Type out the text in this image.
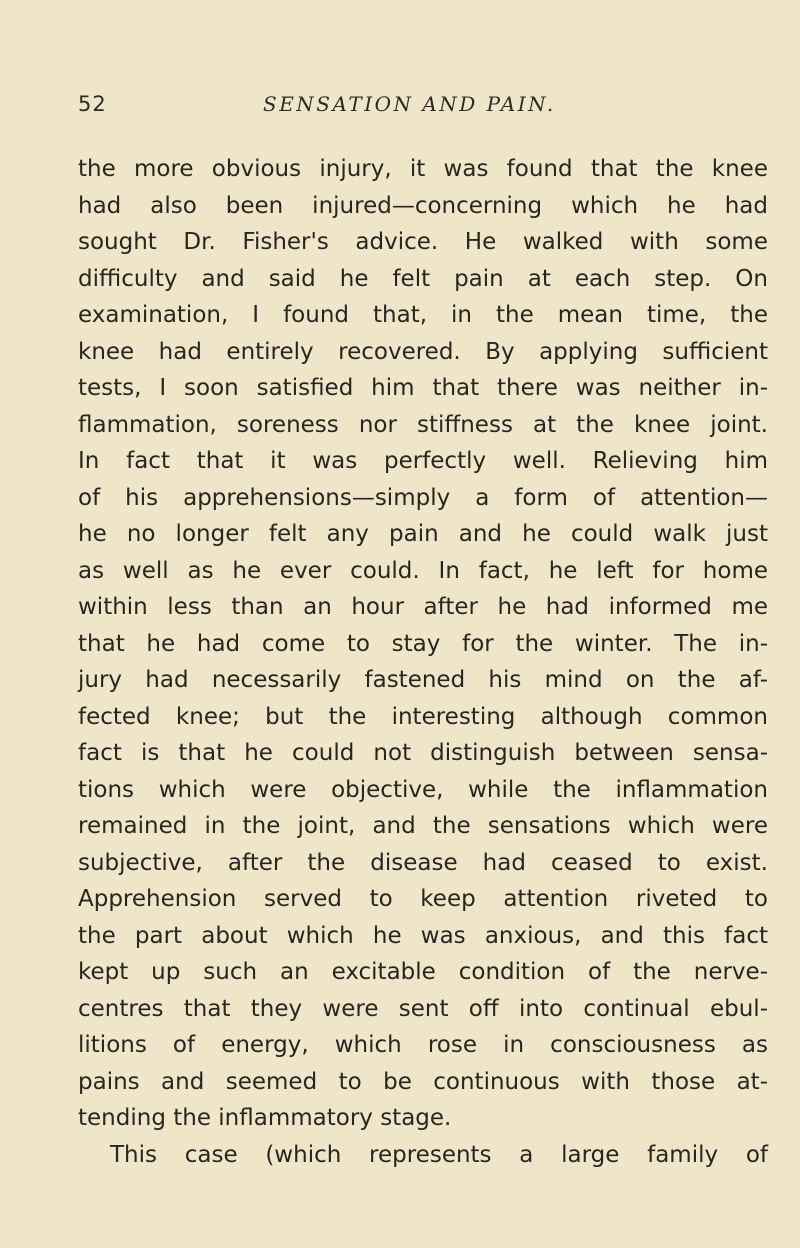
52	SENSATION AND PAIN.
the more obvious injury, it was found that the knee
had also been injured—concerning which he had
sought Dr. Fisher's advice. He walked with some
difficulty and said he felt pain at each step. On
examination, I found that, in the mean time, the
knee had entirely recovered. By applying sufficient
tests, I soon satisfied him that there was neither in-
flammation, soreness nor stiffness at the knee joint.
In fact that it was perfectly well. Relieving him
of his apprehensions—simply a form of attention—
he no longer felt any pain and he could walk just
as well as he ever could. In fact, he left for home
within less than an hour after he had informed me
that he had come to stay for the winter. The in-
jury had necessarily fastened his mind on the af-
fected knee; but the interesting although common
fact is that he could not distinguish between sensa-
tions which were objective, while the inflammation
remained in the joint, and the sensations which were
subjective, after the disease had ceased to exist.
Apprehension served to keep attention riveted to
the part about which he was anxious, and this fact
kept up such an excitable condition of the nerve-
centres that they were sent off into continual ebul-
litions of energy, which rose in consciousness as
pains and seemed to be continuous with those at-
tending the inflammatory stage.
This case (which represents a large family of
